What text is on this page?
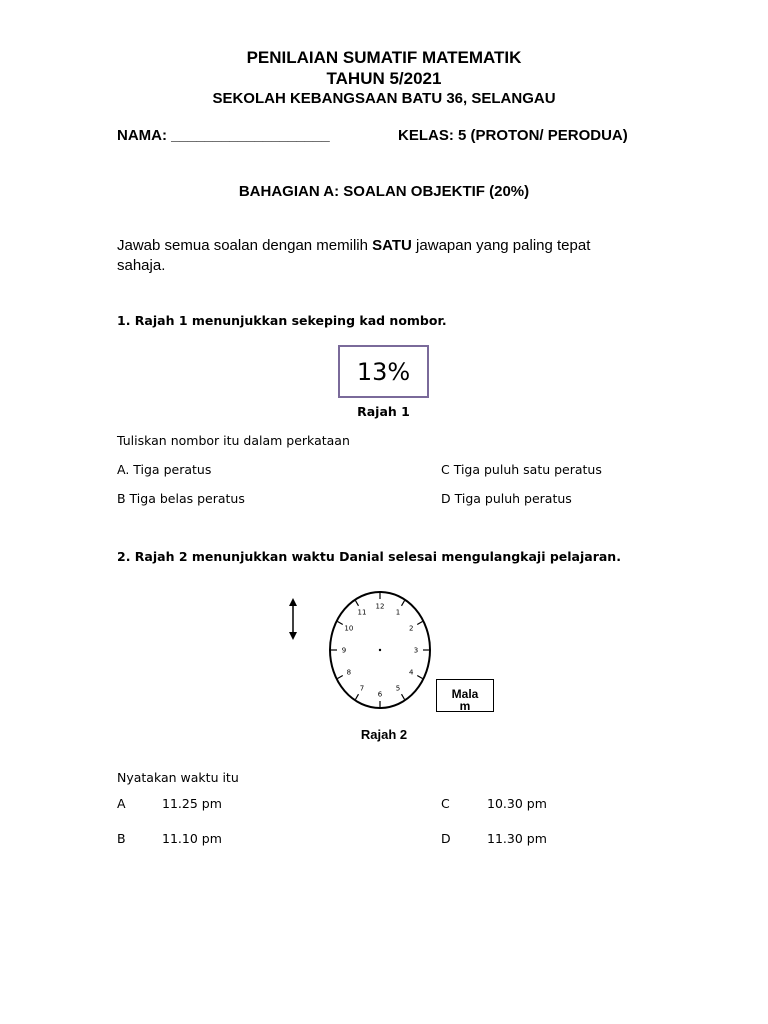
PENILAIAN SUMATIF MATEMATIK
TAHUN 5/2021
SEKOLAH KEBANGSAAN BATU 36, SELANGAU
NAMA: ___________________	KELAS: 5 (PROTON/ PERODUA)
BAHAGIAN A: SOALAN OBJEKTIF (20%)
Jawab semua soalan dengan memilih SATU jawapan yang paling tepat
sahaja.
1. Rajah 1 menunjukkan sekeping kad nombor.
13%
Rajah 1
Tuliskan nombor itu dalam perkataan
A. Tiga peratus	C Tiga puluh satu peratus
B Tiga belas peratus	D Tiga puluh peratus
2. Rajah 2 menunjukkan waktu Danial selesai mengulangkaji pelajaran.
12
1
2
3
4
5
6
7
8
9
10
11
Malam
Rajah 2
Nyatakan waktu itu
A	11.25 pm	C	10.30 pm
B	11.10 pm	D	11.30 pm
